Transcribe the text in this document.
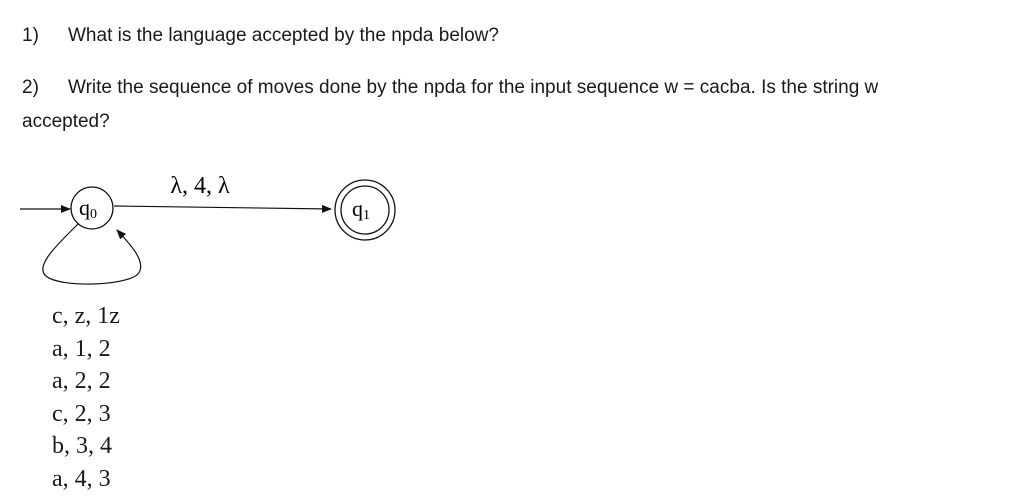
1) What is the language accepted by the npda below?
2) Write the sequence of moves done by the npda for the input sequence w = cacba. Is the string w
accepted?
λ, 4, λ
q0	q1
c, z, 1z
a, 1, 2
a, 2, 2
c, 2, 3
b, 3, 4
a, 4, 3
